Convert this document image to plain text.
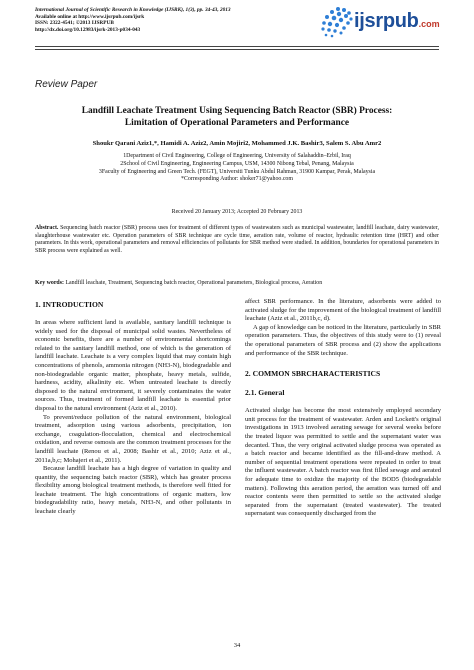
International Journal of Scientific Research in Knowledge (IJSRK), 1(3), pp. 34-43, 2013
Available online at http://www.ijsrpub.com/ijsrk
ISSN: 2322-4541; ©2013 IJSRPUB
http://dx.doi.org/10.12983/ijsrk-2013-p034-043	ijsrpub.com
Review Paper
Landfill Leachate Treatment Using Sequencing Batch Reactor (SBR) Process:
Limitation of Operational Parameters and Performance
Shoukr Qarani Aziz1,*, Hamidi A. Aziz2, Amin Mojiri2, Mohammed J.K. Bashir3, Salem S. Abu Amr2
1Department of Civil Engineering, College of Engineering, University of Salahaddin–Erbil, Iraq
2School of Civil Engineering, Engineering Campus, USM, 14300 Nibong Tebal, Penang, Malaysia
3Faculty of Engineering and Green Tech. (FEGT), Universiti Tunku Abdul Rahman, 31900 Kampar, Perak, Malaysia
*Corresponding Author: shoker71@yahoo.com
Received 20 January 2013; Accepted 20 February 2013
Abstract. Sequencing batch reactor (SBR) process uses for treatment of different types of wastewaters such as municipal wastewater, landfill leachate, dairy wastewater, slaughterhouse wastewater etc. Operation parameters of SBR technique are cycle time, aeration rate, volume of reactor, hydraulic retention time (HRT) and other parameters. In this work, operational parameters and removal efficiencies of pollutants for SBR method were studied. In addition, boundaries for operational parameters in SBR process were explained as well.
Key words: Landfill leachate, Treatment, Sequencing batch reactor, Operational parameters, Biological process, Aeration
1. INTRODUCTION

In areas where sufficient land is available, sanitary landfill technique is widely used for the disposal of municipal solid wastes. Nevertheless of economic benefits, there are a number of environmental shortcomings related to the sanitary landfill method, one of which is the generation of landfill leachate. Leachate is a very complex liquid that may contain high concentrations of phenols, ammonia nitrogen (NH3-N), biodegradable and non-biodegradable organic matter, phosphate, heavy metals, sulfide, hardness, acidity, alkalinity etc. When untreated leachate is directly disposed to the natural environment, it severely contaminates the water sources. Thus, treatment of formed landfill leachate is essential prior disposal to the natural environment (Aziz et al., 2010).

To prevent/reduce pollution of the natural environment, biological treatment, adsorption using various adsorbents, precipitation, ion exchange, coagulation-flocculation, chemical and electrochemical oxidation, and reverse osmosis are the common treatment processes for the landfill leachate (Renou et al., 2008; Bashir et al., 2010; Aziz et al., 2011a,b,c; Mohajeri et al., 2011).

Because landfill leachate has a high degree of variation in quality and quantity, the sequencing batch reactor (SBR), which has greater process flexibility among biological treatment methods, is therefore well fitted for leachate treatment. The high concentrations of organic matters, low biodegradability ratio, heavy metals, NH3-N, and other pollutants in leachate clearly

affect SBR performance. In the literature, adsorbents were added to activated sludge for the improvement of the biological treatment of landfill leachate (Aziz et al., 2011b,c, d).

A gap of knowledge can be noticed in the literature, particularly in SBR operation parameters. Thus, the objectives of this study were to (1) reveal the operational parameters of SBR process and (2) show the applications and performance of the SBR technique.

2. COMMON SBRCHARACTERISTICS
2.1. General

Activated sludge has become the most extensively employed secondary unit process for the treatment of wastewater. Arden and Lockett's original investigations in 1913 involved aerating sewage for several weeks before the treated liquor was permitted to settle and the supernatant water was decanted. Thus, the very original activated sludge process was operated as a batch reactor and became identified as the fill-and-draw method. A number of sequential treatment operations were repeated in order to treat the influent wastewater. A batch reactor was first filled sewage and aerated for adequate time to oxidize the majority of the BOD5 (biodegradable matters). Following this aeration period, the aeration was turned off and reactor contents were then permitted to settle so the activated sludge separated from the supernatant (treated wastewater). The treated supernatant was consequently discharged from the

34
